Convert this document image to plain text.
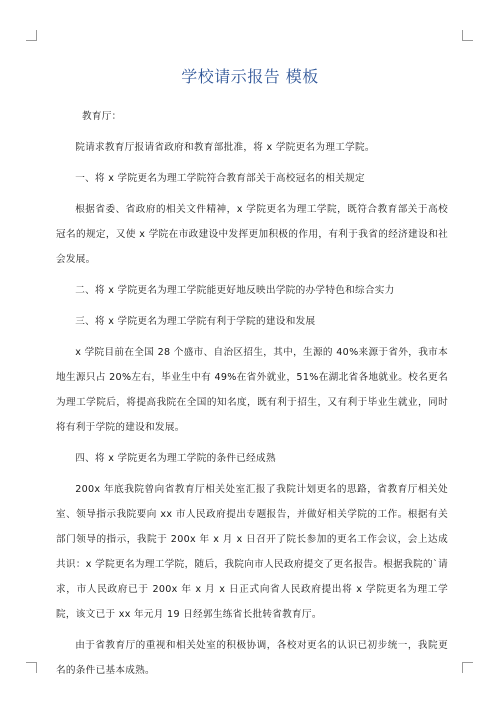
学校请示报告 模板

教育厅：

院请求教育厅报请省政府和教育部批准，将 x 学院更名为理工学院。

一、将 x 学院更名为理工学院符合教育部关于高校冠名的相关规定

根据省委、省政府的相关文件精神，x 学院更名为理工学院，既符合教育部关于高校冠名的规定，又使 x 学院在市政建设中发挥更加积极的作用，有利于我省的经济建设和社会发展。

二、将 x 学院更名为理工学院能更好地反映出学院的办学特色和综合实力

三、将 x 学院更名为理工学院有利于学院的建设和发展

x 学院目前在全国 28 个盛市、自治区招生，其中，生源的 40%来源于省外，我市本地生源只占 20%左右，毕业生中有 49%在省外就业，51%在湖北省各地就业。校名更名为理工学院后，将提高我院在全国的知名度，既有利于招生，又有利于毕业生就业，同时将有利于学院的建设和发展。

四、将 x 学院更名为理工学院的条件已经成熟

200x 年底我院曾向省教育厅相关处室汇报了我院计划更名的思路，省教育厅相关处室、领导指示我院要向 xx 市人民政府提出专题报告，并做好相关学院的工作。根据有关部门领导的指示，我院于 200x 年 x 月 x 日召开了院长参加的更名工作会议，会上达成共识：x 学院更名为理工学院，随后，我院向市人民政府提交了更名报告。根据我院的`请求，市人民政府已于 200x 年 x 月 x 日正式向省人民政府提出将 x 学院更名为理工学院，该文已于 xx 年元月 19 日经郭生练省长批转省教育厅。

由于省教育厅的重视和相关处室的积极协调，各校对更名的认识已初步统一，我院更名的条件已基本成熟。
